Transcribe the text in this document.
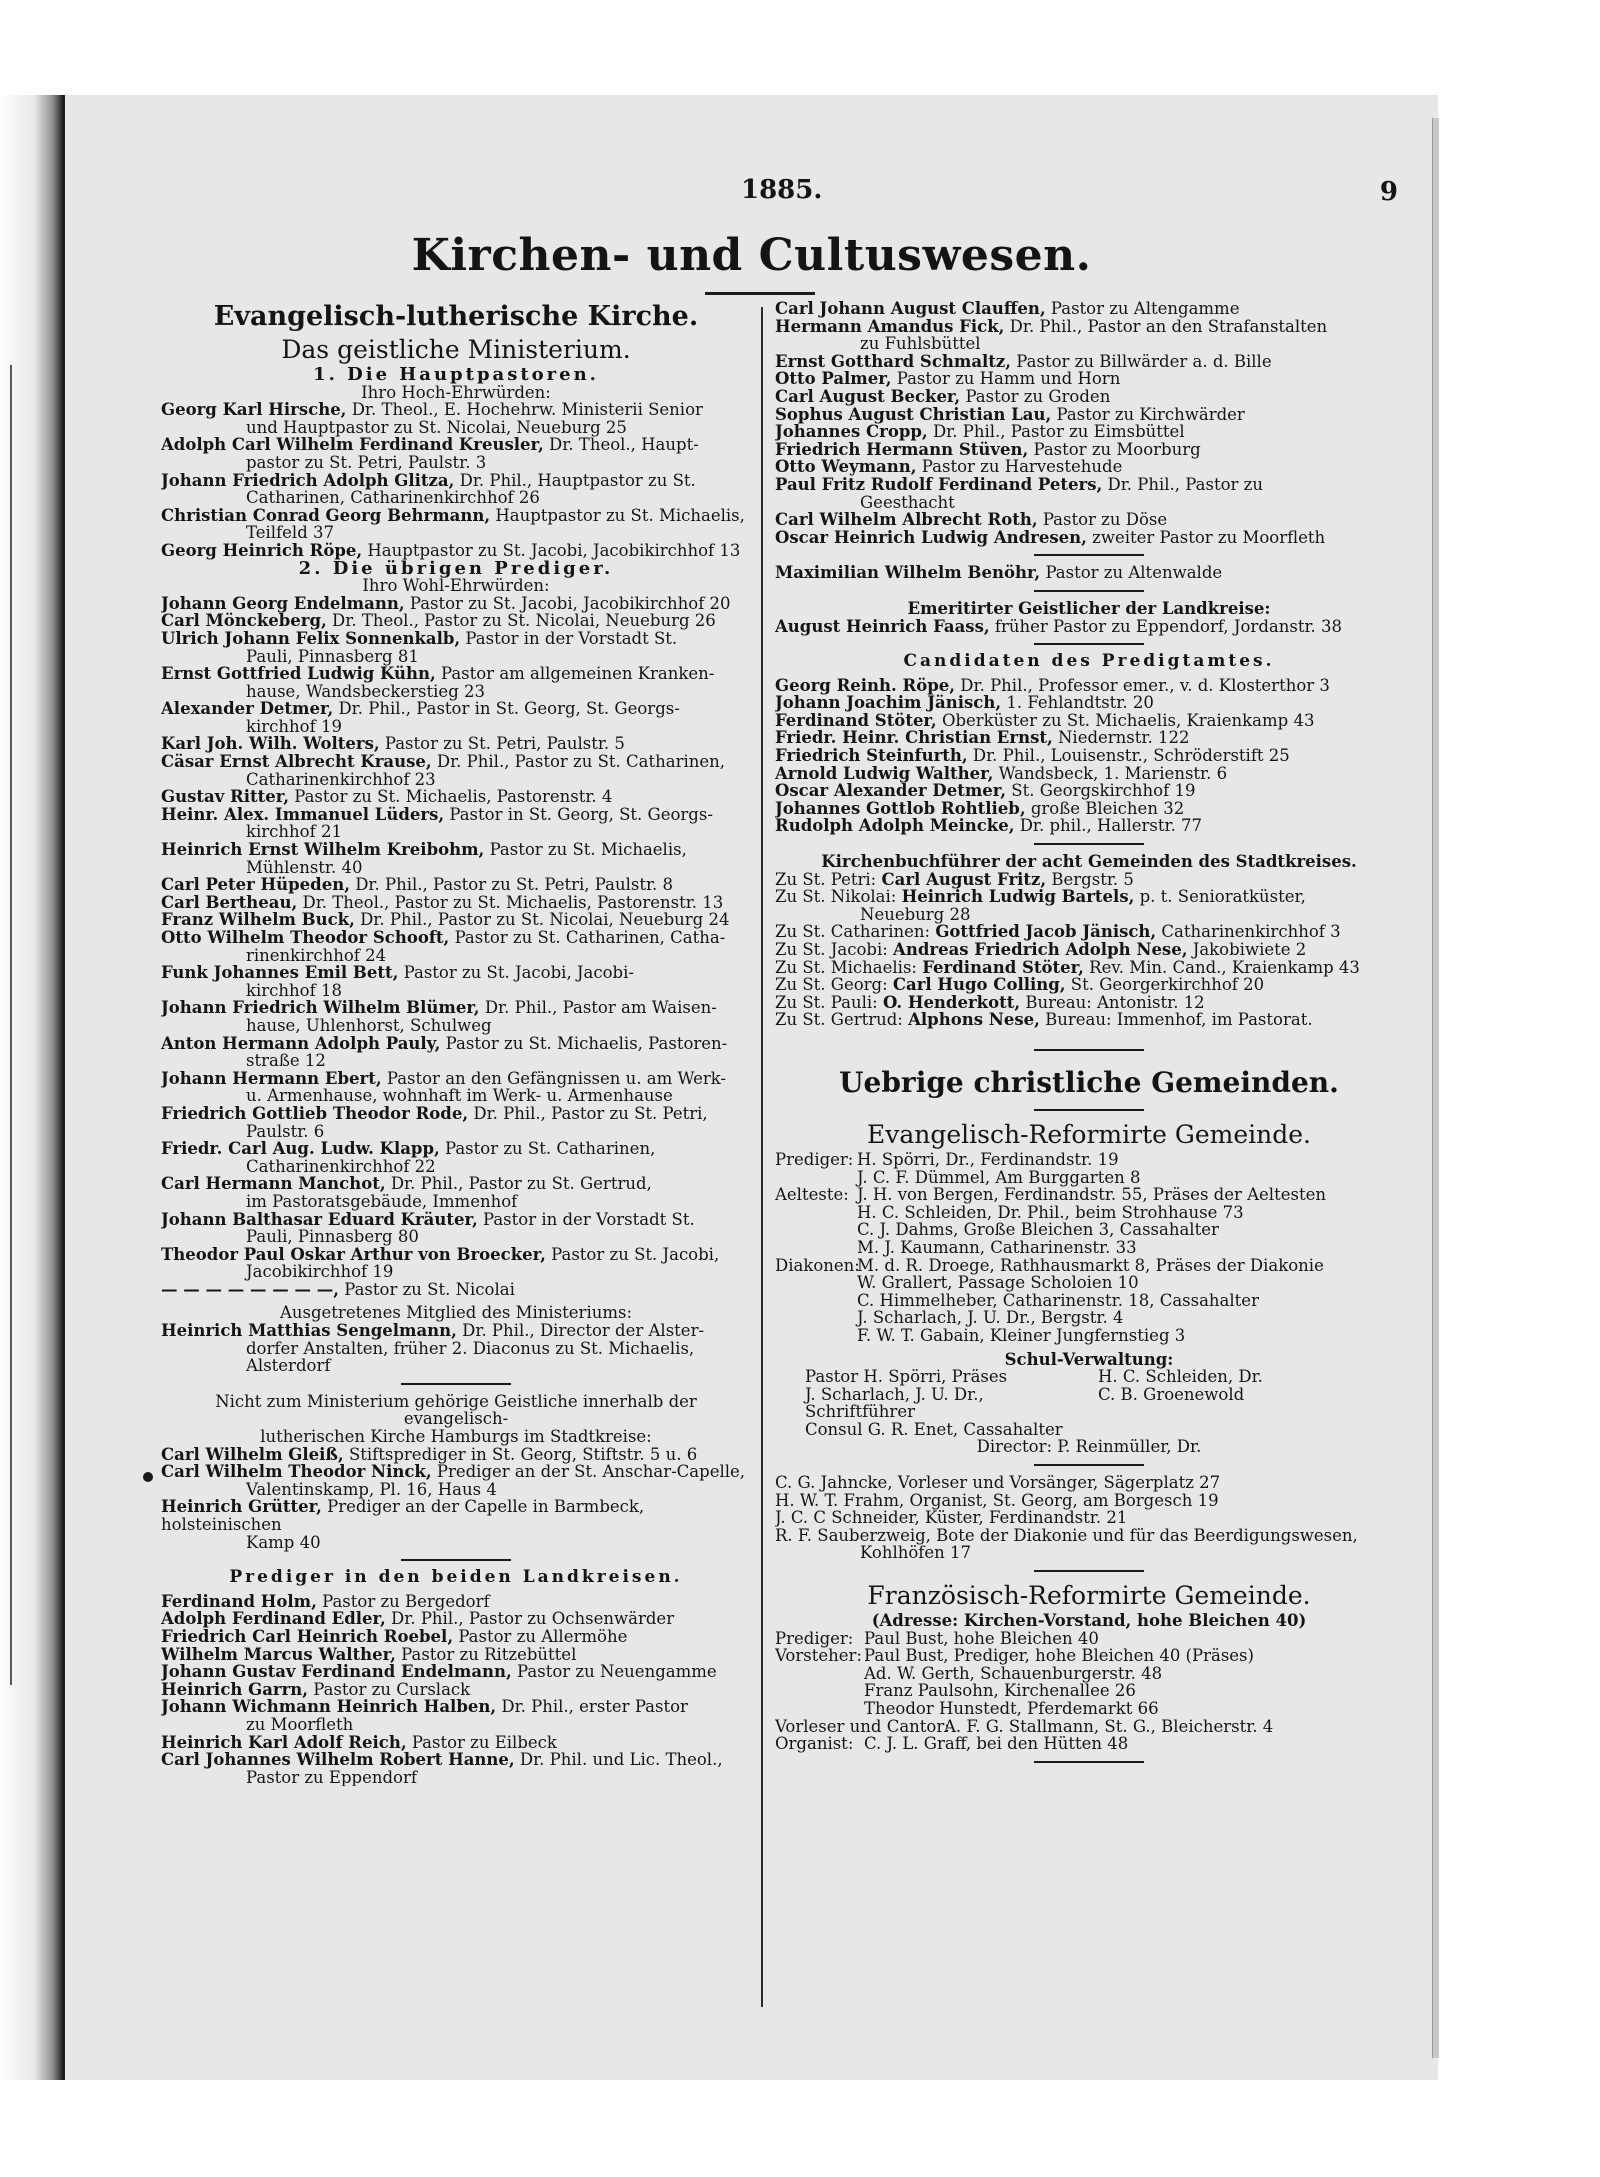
1885.	9
Kirchen- und Cultuswesen.

Evangelisch-lutherische Kirche.

Das geistliche Ministerium.

1. Die Hauptpastoren.

Ihro Hoch-Ehrwürden:

Georg Karl Hirsche, Dr. Theol., E. Hochehrw. Ministerii Senior

und Hauptpastor zu St. Nicolai, Neueburg 25

Adolph Carl Wilhelm Ferdinand Kreusler, Dr. Theol., Haupt-

pastor zu St. Petri, Paulstr. 3

Johann Friedrich Adolph Glitza, Dr. Phil., Hauptpastor zu St.

Catharinen, Catharinenkirchhof 26

Christian Conrad Georg Behrmann, Hauptpastor zu St. Michaelis,

Teilfeld 37

Georg Heinrich Röpe, Hauptpastor zu St. Jacobi, Jacobikirchhof 13

2. Die übrigen Prediger.

Ihro Wohl-Ehrwürden:

Johann Georg Endelmann, Pastor zu St. Jacobi, Jacobikirchhof 20

Carl Mönckeberg, Dr. Theol., Pastor zu St. Nicolai, Neueburg 26

Ulrich Johann Felix Sonnenkalb, Pastor in der Vorstadt St.

Pauli, Pinnasberg 81

Ernst Gottfried Ludwig Kühn, Pastor am allgemeinen Kranken-

hause, Wandsbeckerstieg 23

Alexander Detmer, Dr. Phil., Pastor in St. Georg, St. Georgs-

kirchhof 19

Karl Joh. Wilh. Wolters, Pastor zu St. Petri, Paulstr. 5

Cäsar Ernst Albrecht Krause, Dr. Phil., Pastor zu St. Catharinen,

Catharinenkirchhof 23

Gustav Ritter, Pastor zu St. Michaelis, Pastorenstr. 4

Heinr. Alex. Immanuel Lüders, Pastor in St. Georg, St. Georgs-

kirchhof 21

Heinrich Ernst Wilhelm Kreibohm, Pastor zu St. Michaelis,

Mühlenstr. 40

Carl Peter Hüpeden, Dr. Phil., Pastor zu St. Petri, Paulstr. 8

Carl Bertheau, Dr. Theol., Pastor zu St. Michaelis, Pastorenstr. 13

Franz Wilhelm Buck, Dr. Phil., Pastor zu St. Nicolai, Neueburg 24

Otto Wilhelm Theodor Schooft, Pastor zu St. Catharinen, Catha-

rinenkirchhof 24

Funk Johannes Emil Bett, Pastor zu St. Jacobi, Jacobi-

kirchhof 18

Johann Friedrich Wilhelm Blümer, Dr. Phil., Pastor am Waisen-

hause, Uhlenhorst, Schulweg

Anton Hermann Adolph Pauly, Pastor zu St. Michaelis, Pastoren-

straße 12

Johann Hermann Ebert, Pastor an den Gefängnissen u. am Werk-

u. Armenhause, wohnhaft im Werk- u. Armenhause

Friedrich Gottlieb Theodor Rode, Dr. Phil., Pastor zu St. Petri,

Paulstr. 6

Friedr. Carl Aug. Ludw. Klapp, Pastor zu St. Catharinen,

Catharinenkirchhof 22

Carl Hermann Manchot, Dr. Phil., Pastor zu St. Gertrud,

im Pastoratsgebäude, Immenhof

Johann Balthasar Eduard Kräuter, Pastor in der Vorstadt St.

Pauli, Pinnasberg 80

Theodor Paul Oskar Arthur von Broecker, Pastor zu St. Jacobi,

Jacobikirchhof 19

— — — — — — — —, Pastor zu St. Nicolai

Ausgetretenes Mitglied des Ministeriums:

Heinrich Matthias Sengelmann, Dr. Phil., Director der Alster-

dorfer Anstalten, früher 2. Diaconus zu St. Michaelis, Alsterdorf

Nicht zum Ministerium gehörige Geistliche innerhalb der evangelisch-

lutherischen Kirche Hamburgs im Stadtkreise:

Carl Wilhelm Gleiß, Stiftsprediger in St. Georg, Stiftstr. 5 u. 6

Carl Wilhelm Theodor Ninck, Prediger an der St. Anschar-Capelle,

Valentinskamp, Pl. 16, Haus 4

Heinrich Grütter, Prediger an der Capelle in Barmbeck, holsteinischen

Kamp 40

Prediger in den beiden Landkreisen.

Ferdinand Holm, Pastor zu Bergedorf

Adolph Ferdinand Edler, Dr. Phil., Pastor zu Ochsenwärder

Friedrich Carl Heinrich Roebel, Pastor zu Allermöhe

Wilhelm Marcus Walther, Pastor zu Ritzebüttel

Johann Gustav Ferdinand Endelmann, Pastor zu Neuengamme

Heinrich Garrn, Pastor zu Curslack

Johann Wichmann Heinrich Halben, Dr. Phil., erster Pastor

zu Moorfleth

Heinrich Karl Adolf Reich, Pastor zu Eilbeck

Carl Johannes Wilhelm Robert Hanne, Dr. Phil. und Lic. Theol.,

Pastor zu Eppendorf

Carl Johann August Clauffen, Pastor zu Altengamme

Hermann Amandus Fick, Dr. Phil., Pastor an den Strafanstalten

zu Fuhlsbüttel

Ernst Gotthard Schmaltz, Pastor zu Billwärder a. d. Bille

Otto Palmer, Pastor zu Hamm und Horn

Carl August Becker, Pastor zu Groden

Sophus August Christian Lau, Pastor zu Kirchwärder

Johannes Cropp, Dr. Phil., Pastor zu Eimsbüttel

Friedrich Hermann Stüven, Pastor zu Moorburg

Otto Weymann, Pastor zu Harvestehude

Paul Fritz Rudolf Ferdinand Peters, Dr. Phil., Pastor zu

Geesthacht

Carl Wilhelm Albrecht Roth, Pastor zu Döse

Oscar Heinrich Ludwig Andresen, zweiter Pastor zu Moorfleth

Maximilian Wilhelm Benöhr, Pastor zu Altenwalde

Emeritirter Geistlicher der Landkreise:

August Heinrich Faass, früher Pastor zu Eppendorf, Jordanstr. 38

Candidaten des Predigtamtes.

Georg Reinh. Röpe, Dr. Phil., Professor emer., v. d. Klosterthor 3

Johann Joachim Jänisch, 1. Fehlandtstr. 20

Ferdinand Stöter, Oberküster zu St. Michaelis, Kraienkamp 43

Friedr. Heinr. Christian Ernst, Niedernstr. 122

Friedrich Steinfurth, Dr. Phil., Louisenstr., Schröderstift 25

Arnold Ludwig Walther, Wandsbeck, 1. Marienstr. 6

Oscar Alexander Detmer, St. Georgskirchhof 19

Johannes Gottlob Rohtlieb, große Bleichen 32

Rudolph Adolph Meincke, Dr. phil., Hallerstr. 77

Kirchenbuchführer der acht Gemeinden des Stadtkreises.

Zu St. Petri: Carl August Fritz, Bergstr. 5

Zu St. Nikolai: Heinrich Ludwig Bartels, p. t. Senioratküster,

Neueburg 28

Zu St. Catharinen: Gottfried Jacob Jänisch, Catharinenkirchhof 3

Zu St. Jacobi: Andreas Friedrich Adolph Nese, Jakobiwiete 2

Zu St. Michaelis: Ferdinand Stöter, Rev. Min. Cand., Kraienkamp 43

Zu St. Georg: Carl Hugo Colling, St. Georgerkirchhof 20

Zu St. Pauli: O. Henderkott, Bureau: Antonistr. 12

Zu St. Gertrud: Alphons Nese, Bureau: Immenhof, im Pastorat.

Uebrige christliche Gemeinden.

Evangelisch-Reformirte Gemeinde.

Prediger: H. Spörri, Dr., Ferdinandstr. 19
J. C. F. Dümmel, Am Burggarten 8
Aelteste: J. H. von Bergen, Ferdinandstr. 55, Präses der Aeltesten
H. C. Schleiden, Dr. Phil., beim Strohhause 73
C. J. Dahms, Große Bleichen 3, Cassahalter
M. J. Kaumann, Catharinenstr. 33
Diakonen:
M. d. R. Droege, Rathhausmarkt 8, Präses der Diakonie
W. Grallert, Passage Scholoien 10
C. Himmelheber, Catharinenstr. 18, Cassahalter
J. Scharlach, J. U. Dr., Bergstr. 4
F. W. T. Gabain, Kleiner Jungfernstieg 3

Schul-Verwaltung:

Pastor H. Spörri, Präses	H. C. Schleiden, Dr.
J. Scharlach, J. U. Dr., Schriftführer
C. B. Groenewold
Consul G. R. Enet, Cassahalter

Director: P. Reinmüller, Dr.

C. G. Jahncke, Vorleser und Vorsänger, Sägerplatz 27

H. W. T. Frahm, Organist, St. Georg, am Borgesch 19

J. C. C Schneider, Küster, Ferdinandstr. 21

R. F. Sauberzweig, Bote der Diakonie und für das Beerdigungswesen,

Kohlhöfen 17

Französisch-Reformirte Gemeinde.

(Adresse: Kirchen-Vorstand, hohe Bleichen 40)

Prediger: Paul Bust, hohe Bleichen 40
Vorsteher: Paul Bust, Prediger, hohe Bleichen 40 (Präses)
Ad. W. Gerth, Schauenburgerstr. 48
Franz Paulsohn, Kirchenallee 26
Theodor Hunstedt, Pferdemarkt 66
Vorleser und Cantor:
A. F. G. Stallmann, St. G., Bleicherstr. 4
Organist: C. J. L. Graff, bei den Hütten 48
